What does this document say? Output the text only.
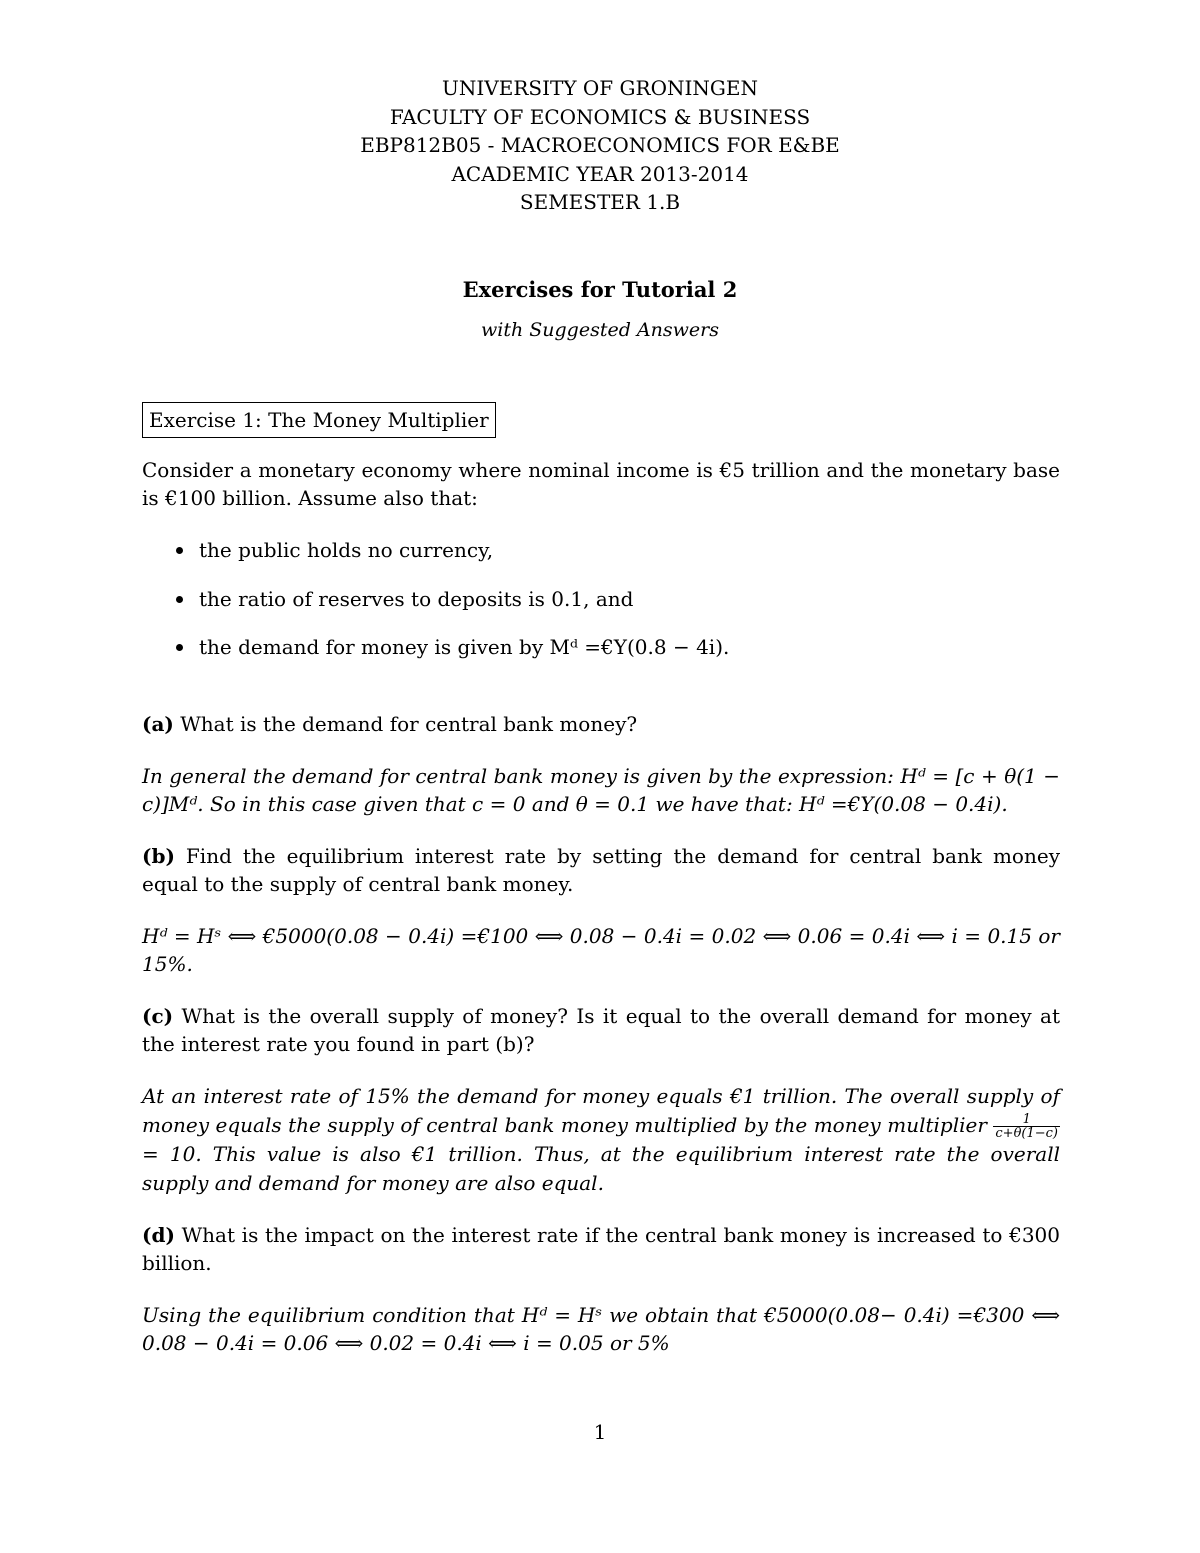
UNIVERSITY OF GRONINGEN
FACULTY OF ECONOMICS & BUSINESS
EBP812B05 - MACROECONOMICS FOR E&BE
ACADEMIC YEAR 2013-2014
SEMESTER 1.B
Exercises for Tutorial 2
with Suggested Answers
Exercise 1: The Money Multiplier

Consider a monetary economy where nominal income is €5 trillion and the monetary base is €100 billion. Assume also that:

the public holds no currency,
the ratio of reserves to deposits is 0.1, and
the demand for money is given by Mᵈ =€Y(0.8 − 4i).

(a) What is the demand for central bank money?

In general the demand for central bank money is given by the expression: Hᵈ = [c + θ(1 − c)]Mᵈ. So in this case given that c = 0 and θ = 0.1 we have that: Hᵈ =€Y(0.08 − 0.4i).

(b) Find the equilibrium interest rate by setting the demand for central bank money equal to the supply of central bank money.

Hᵈ = Hˢ ⟺ €5000(0.08 − 0.4i) =€100 ⟺ 0.08 − 0.4i = 0.02 ⟺ 0.06 = 0.4i ⟺ i = 0.15 or 15%.

(c) What is the overall supply of money? Is it equal to the overall demand for money at the interest rate you found in part (b)?

At an interest rate of 15% the demand for money equals €1 trillion. The overall supply of money equals the supply of central bank money multiplied by the money multiplier $\frac{1}{c+\theta(1-c)}$
= 10. This value is also €1 trillion. Thus, at the equilibrium interest rate the overall supply and demand for money are also equal.

(d) What is the impact on the interest rate if the central bank money is increased to €300 billion.

Using the equilibrium condition that Hᵈ = Hˢ we obtain that €5000(0.08− 0.4i) =€300 ⟺ 0.08 − 0.4i = 0.06 ⟺ 0.02 = 0.4i ⟺ i = 0.05 or 5%

1
